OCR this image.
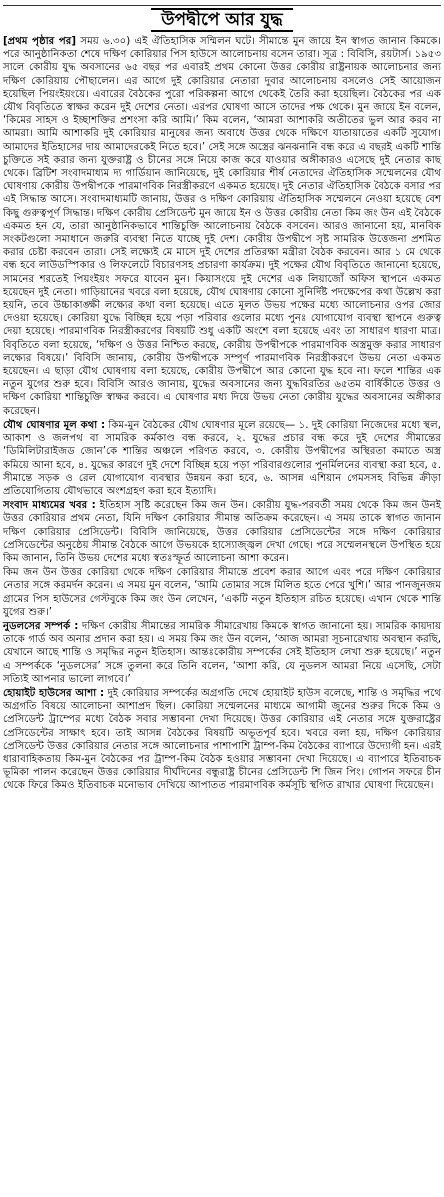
উপদ্বীপে আর যুদ্ধ

[প্রথম পৃষ্ঠার পর] সময় ৬.৩০) এই ঐতিহাসিক সম্মিলন ঘটে। সীমান্তে মুন জায়ে ইন স্বাগত জানান কিমকে। পরে আনুষ্ঠানিকতা শেষে দক্ষিণ কোরিয়ার পিস হাউসে আলোচনায় বসেন তারা। সূত্র : বিবিসি, রয়টার্স। ১৯৫৩ সালে কোরীয় যুদ্ধ অবসানের ৬৫ বছর পর এবারই প্রথম কোনো উত্তর কোরীয় রাষ্ট্রনায়ক আলোচনার জন্য দক্ষিণ কোরিয়ায় পৌছালেন। এর আগে দুই কোরিয়ার নেতারা দুবার আলোচনায় বসলেও সেই আয়োজন হয়েছিল পিয়ংইয়ংয়ে। এবারের বৈঠকের পুরো পরিকল্পনা আগে থেকেই তৈরি করা হয়েছিল। বৈঠকের পর এক যৌথ বিবৃতিতে স্বাক্ষর করেন দুই দেশের নেতা। এরপর ঘোষণা আসে তাদের পক্ষ থেকে। মুন জায়ে ইন বলেন, ‘কিমের সাহস ও ইচ্ছাশক্তির প্রশংসা করি আমি।’ কিম বলেন, ‘আমরা আশাকরি অতীতের ভুল আর করব না আমরা। আমি আশাকরি দুই কোরিয়ার মানুষের জন্য অবাধে উত্তর থেকে দক্ষিণে যাতায়াতের একটি সুযোগ। আমাদের ইতিহাসের দায় আমাদেরকেই নিতে হবে।’ সেই সঙ্গে অস্ত্রের ঝনঝনানি বন্ধ করে এ বছরই একটি শান্তি চুক্তিতে সই করার জন্য যুক্তরাষ্ট্র ও চীনের সঙ্গে নিয়ে কাজ করে যাওয়ার অঙ্গীকারও এসেছে দুই নেতার কাছ থেকে। ব্রিটিশ সংবাদমাধ্যম দ্য গার্ডিয়ান জানিয়েছে, দুই কোরিয়ার শীর্ষ নেতাদের ঐতিহাসিক সম্মেলনের যৌথ ঘোষণায় কোরীয় উপদ্বীপকে পারমাণবিক নিরস্ত্রীকরণে একমত হয়েছে। দুই নেতার ঐতিহাসিক বৈঠকে বসার পর এই সিদ্ধান্ত আসে। সংবাদমাধ্যমটি জানায়, উত্তর ও দক্ষিণ কোরিয়ায় ঐতিহাসিক সম্মেলনে নেওয়া হয়েছে বেশ কিছু গুরুত্বপূর্ণ সিদ্ধান্ত। দক্ষিণ কোরীয় প্রেসিডেন্ট মুন জায়ে ইন ও উত্তর কোরীয় নেতা কিম জং উন এই বৈঠকে একমত হন যে, তারা আনুষ্ঠানিকভাবে শান্তিচুক্তি আলোচনায় বৈঠকে বসবেন। আরও জানানো হয়, মানবিক সংকটগুলো সমাধানে জরুরি ব্যবস্থা নিতে যাচ্ছে দুই দেশ। কোরীয় উপদ্বীপে সৃষ্ট সামরিক উত্তেজনা প্রশমিত করার চেষ্টা করবেন তারা। সেই লক্ষ্যেই মে মাসে দুই দেশের প্রতিরক্ষা মন্ত্রীরা বৈঠক করবেন। আর ১ মে থেকে বন্ধ হবে লাউডস্পিকার ও লিফলেটে বিচারণসহ প্রচারণা কার্যক্রম। দুই পক্ষের যৌথ বিবৃতিতে জানানো হয়েছে, সামনের শরতেই পিয়ংইয়ং সফরে যাবেন মুন। কিয়াসংয়ে দুই দেশের এক লিয়াজোঁ অফিস স্থাপনে একমত হয়েছেন দুই নেতা। গাড়িয়ানের খবরে বলা হয়েছে, যৌথ ঘোষণায় কোনো সুনির্দিষ্ট পদক্ষেপের কথা উল্লেখ করা হয়নি, তবে উচ্চাকাঙ্ক্ষী লক্ষ্যের কথা বলা হয়েছে। এতে মূলত উভয় পক্ষের মধ্যে আলোচনার ওপর জোর দেওয়া হয়েছে। কোরিয়া যুদ্ধে বিচ্ছিন্ন হয়ে পড়া পরিবার গুলোর মধ্যে পুনঃ যোগাযোগ ব্যবস্থা স্থাপনে গুরুত্ব দেয়া হয়েছে। পারমাণবিক নিরস্ত্রীকরণের বিষয়টি শুধু একটি অংশে বলা হয়েছে এবং তা সাধারণ ধারণা মাত্র। বিবৃতিতে বলা হয়েছে, ‘দক্ষিণ ও উত্তর নিশ্চিত করছে, কোরীয় উপদ্বীপকে পারমাণবিক অস্ত্রমুক্ত করার সাধারণ লক্ষ্যের বিষয়ে।’ বিবিসি জানায়, কোরীয় উপদ্বীপকে সম্পূর্ণ পারমাণবিক নিরস্ত্রীকরণে উভয় নেতা একমত হয়েছেন। এ ছাড়া যৌথ ঘোষণায় বলা হয়েছে, কোরীয় উপদ্বীপে আর কোনো যুদ্ধ হবে না। ফলে শান্তির এক নতুন যুগের শুরু হবে। বিবিসি আরও জানায়, যুদ্ধের অবসানের জন্য যুদ্ধবিরতির ৬৫তম বার্ষিকীতে উত্তর ও দক্ষিণ কোরিয়া শান্তিচুক্তি স্বাক্ষর করবে। এ ঘোষণার মধ্য দিয়ে উভয় নেতা কোরীয় যুদ্ধের অবসানের অঙ্গীকার করেছেন।

যৌথ ঘোষণার মূল কথা : কিম-মুন বৈঠকের যৌথ ঘোষণার মূলে রয়েছে— ১. দুই কোরিয়া নিজেদের মধ্যে স্থল, আকাশ ও জলপথ বা সামরিক কর্মকাণ্ড বন্ধ করবে, ২. যুদ্ধের প্রচার বন্ধ করে দুই দেশের সীমান্তের ‘ডিমিলিটারাইজড জোন’কে শান্তির অঞ্চলে পরিণত করবে, ৩. কোরীয় উপদ্বীপের অস্থিরতা কমাতে অস্ত্র কমিয়ে আনা হবে, ৪. যুদ্ধের কারণে দুই দেশে বিচ্ছিন্ন হয়ে পড়া পরিবারগুলোর পুনর্মিলনের ব্যবস্থা করা হবে, ৫. সীমান্তে সড়ক ও রেল যোগাযোগ ব্যবস্থার উন্নয়ন করা হবে, ৬. আসন্ন এশিয়ান গেমসসহ বিভিন্ন ক্রীড়া প্রতিযোগিতায় যৌথভাবে অংশগ্রহণ করা হবে ইত্যাদি।

সংবাদ মাধ্যমের খবর : ইতিহাস সৃষ্টি করেছেন কিম জন উন। কোরীয় যুদ্ধ-পরবর্তী সময় থেকে কিম জন উনই উত্তর কোরিয়ার প্রথম নেতা, যিনি দক্ষিণ কোরিয়ার সীমান্ত অতিক্রম করেছেন। এ সময় তাকে স্বাগত জানান দক্ষিণ কোরিয়ার প্রেসিডেন্ট। বিবিসি জানিয়েছে, উত্তর কোরিয়ার প্রেসিডেন্টের সঙ্গে দক্ষিণ কোরিয়ার প্রেসিডেন্টের অনুষ্ঠেয় সীমান্ত বৈঠকে আগে উভয়কে হাস্যোজ্জ্বল দেখা গেছে। পরে সম্মেলনস্থলে উপস্থিত হয়ে কিম জানান, তিনি উভয় দেশের মধ্যে স্বতঃস্ফূর্ত আলোচনা আশা করেন।

কিম জন উন উত্তর কোরিয়া থেকে দক্ষিণ কোরিয়ার সীমান্তে প্রবেশ করার আগে এবং পরে দক্ষিণ কোরিয়ার নেতার সঙ্গে করমর্দন করেন। এ সময় মুন বলেন, ‘আমি তোমার সঙ্গে মিলিত হতে পেরে খুশি।’ আর পানজুনজম গ্রামের পিস হাউসের গেস্টবুকে কিম জং উন লেখেন, ‘একটি নতুন ইতিহাস রচিত হয়েছে। এখান থেকে শান্তি যুগের শুরু।’

নুডলসের সম্পর্ক : দক্ষিণ কোরীয় সীমান্তের সামরিক সীমারেখায় কিমকে স্বাগত জানানো হয়। সামরিক কায়দায় তাকে গার্ড অব অনার প্রদান করা হয়। এ সময় কিম জং উন বলেন, ‘আজ আমরা সূচনারেখায় অবস্থান করছি, যেখানে আছে শান্তি ও সমৃদ্ধির নতুন ইতিহাস। আন্তঃকোরীয় সম্পর্কের সেই ইতিহাস লেখা শুরু হয়েছে।’ নতুন এ সম্পর্ককে ‘নুডলসের’ সঙ্গে তুলনা করে তিনি বলেন, ‘আশা করি, যে নুডলস আমরা নিয়ে এসেছি, সেটা সত্যিই আপনার ভালো লাগবে।’

হোয়াইট হাউসের আশা : দুই কোরিয়ার সম্পর্কের অগ্রগতি দেখে হোয়াইট হাউস বলেছে, শান্তি ও সমৃদ্ধির পথে অগ্রগতি বিষয়ে আলোচনা আশাপ্রদ ছিল। কোরিয়া সম্মেলনের মাধ্যমে আগামী জুনের শুরুর দিকে কিম ও প্রেসিডেন্ট ট্রাম্পের মধ্যে বৈঠক সবার সম্ভাবনা দেখা দিয়েছে। উত্তর কোরিয়ার এই নেতার সঙ্গে যুক্তরাষ্ট্রের প্রেসিডেন্টের সাক্ষাৎ হবে। তাই আসন্ন বৈঠকের বিষয়টি অভূতপূর্ব হবে। খবরে বলা হয়, দক্ষিণ কোরিয়ার প্রেসিডেন্ট উত্তর কোরিয়ার নেতার সঙ্গে আলোচনার পাশাপাশি ট্রাম্প-কিম বৈঠকের ব্যাপারে উদ্যোগী হন। এরই ধারাবাহিকতায় কিম-মুন বৈঠকের পর ট্রাম্প-কিম বৈঠক হওয়ার সম্ভাবনা দেখা দিয়েছে। এ ব্যাপারে ইতিবাচক ভূমিকা পালন করেছেন উত্তর কোরিয়ার দীর্ঘদিনের বন্ধুরাষ্ট্র চীনের প্রেসিডেন্ট শি জিন পিং। গোপন সফরে চীন থেকে ফিরে কিমও ইতিবাচক মনোভাব দেখিয়ে আপাতত পারমাণবিক কর্মসূচি স্থগিত রাখার ঘোষণা দিয়েছেন।
